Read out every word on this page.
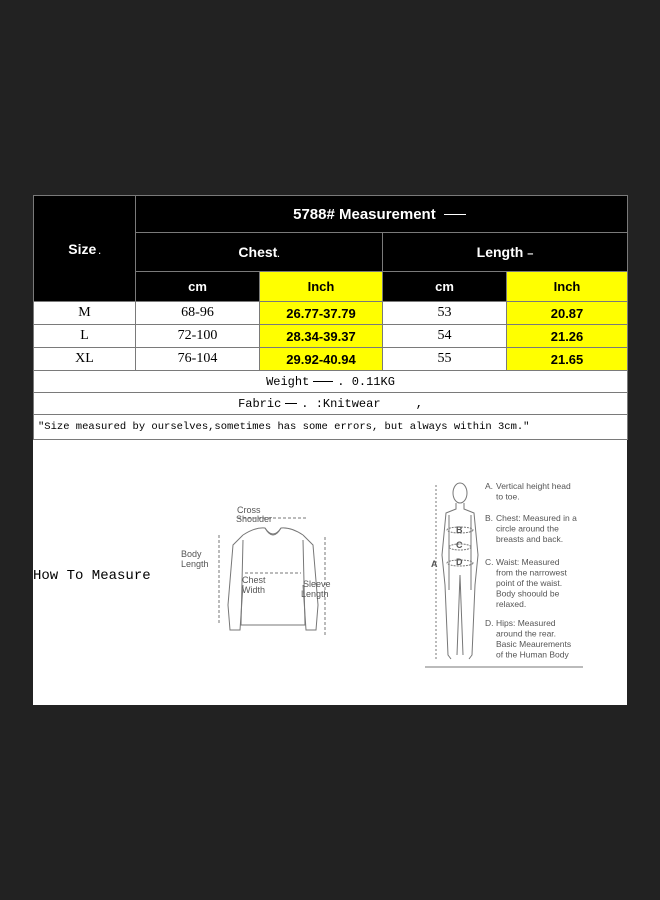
Size .	5788# Measurement			
	Chest.		Length –	
	cm	Inch	cm	Inch
M	68-96	26.77-37.79	53	20.87
L	72-100	28.34-39.37	54	21.26
XL	76-104	29.92-40.94	55	21.65
Weight . 0.11KG				
Fabric . :Knitwear ,				
"Size measured by ourselves,sometimes has some errors, but always within 3cm."				
How To Measure
Cross
Shoulder
Body
Length
Chest
Width
Sleeve
Length
A
B
C
D
A. Vertical height head
to toe.
B. Chest: Measured in a
circle around the
breasts and back.
C. Waist: Measured
from the narrowest
point of the waist.
Body shoould be
relaxed.
D. Hips: Measured
around the rear.
Basic Meaurements
of the Human Body
